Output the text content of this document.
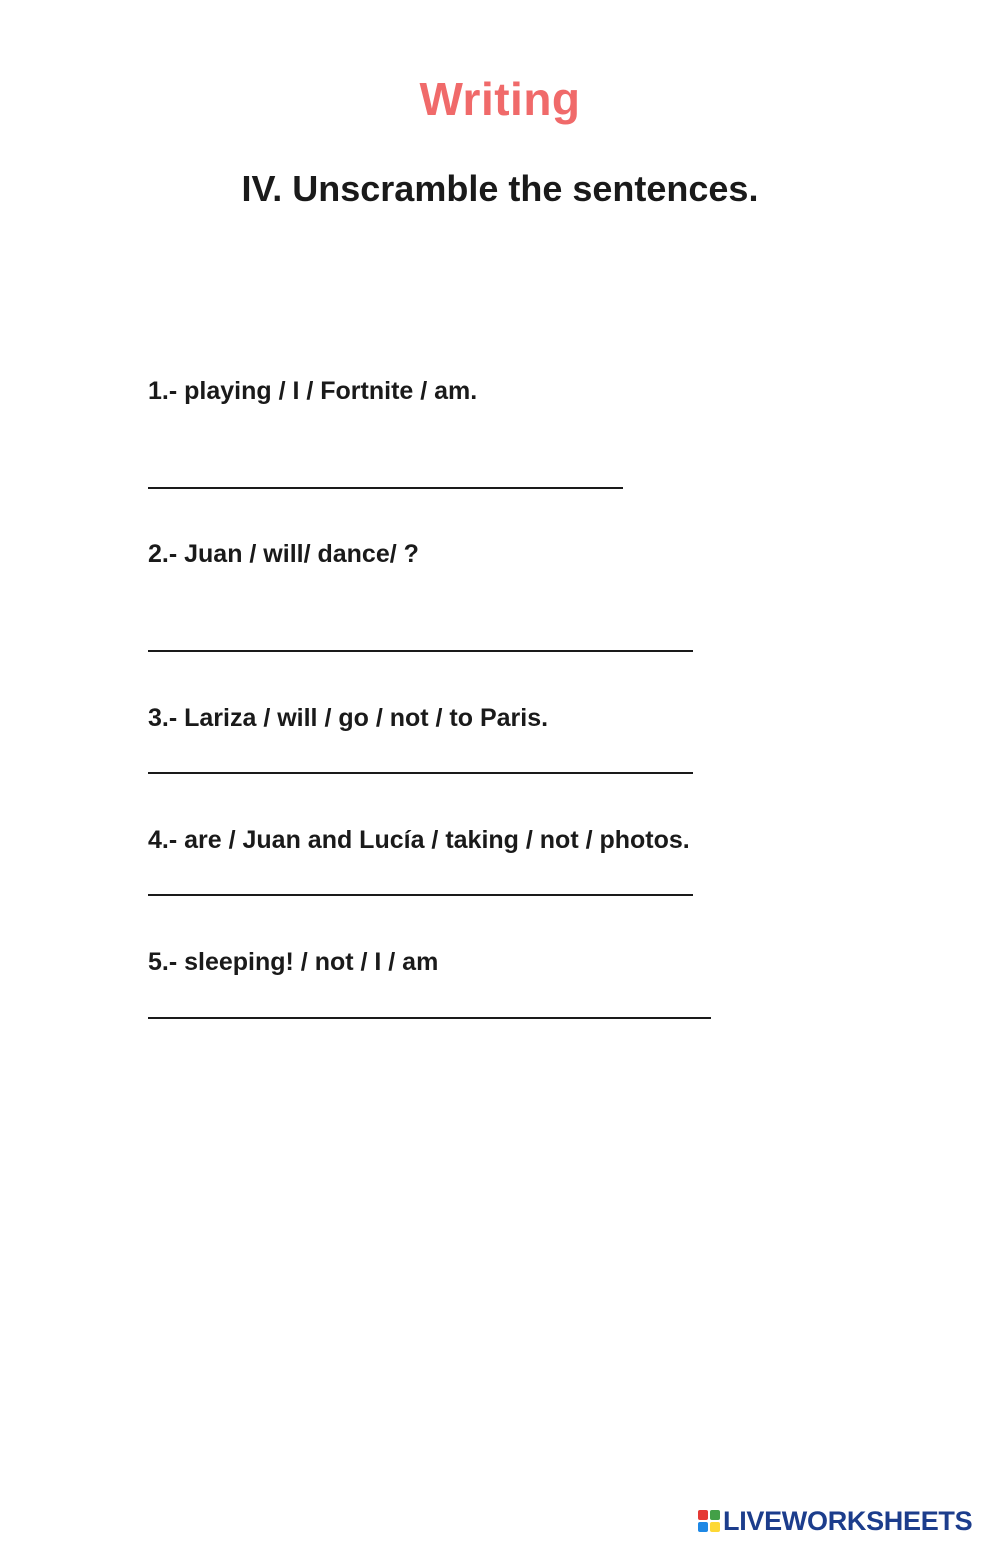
Writing
IV. Unscramble the sentences.
1.- playing / I / Fortnite / am.
2.- Juan / will/ dance/ ?
3.- Lariza / will / go / not / to Paris.
4.- are / Juan and Lucía / taking / not / photos.
5.- sleeping! / not / I / am
LIVEWORKSHEETS
